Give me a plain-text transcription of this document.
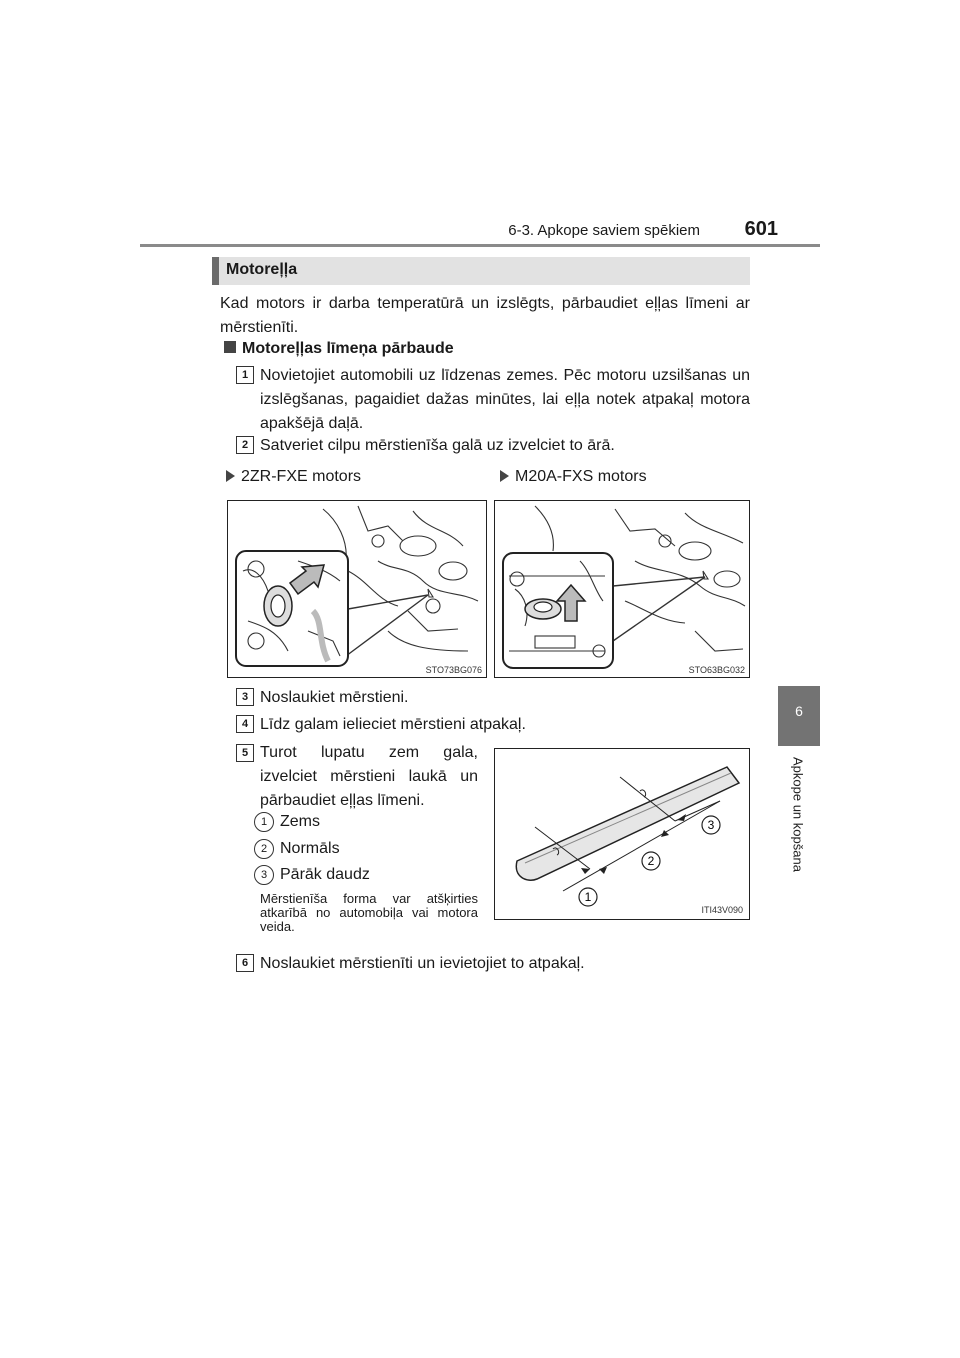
6-3. Apkope saviem spēkiem	601
6
Apkope un kopšana
Motoreļļa
Kad motors ir darba temperatūrā un izslēgts, pārbaudiet eļļas līmeni ar mērstienīti.
Motoreļļas līmeņa pārbaude
1 Novietojiet automobili uz līdzenas zemes. Pēc motoru uzsilšanas un izslēgšanas, pagaidiet dažas minūtes, lai eļļa notek atpakaļ motora apakšējā daļā.
2 Satveriet cilpu mērstienīša galā uz izvelciet to ārā.
2ZR-FXE motors	M20A-FXS motors
STO73BG076	STO63BG032
3 Noslaukiet mērstieni.
4 Līdz galam ielieciet mērstieni atpakaļ.
5 Turot lupatu zem gala, izvelciet mērstieni laukā un pārbaudiet eļļas līmeni.
1 Zems
2 Normāls
3 Pārāk daudz
Mērstienīša forma var atšķirties atkarībā no automobiļa vai motora veida.
1
2
3
ITI43V090
6 Noslaukiet mērstienīti un ievietojiet to atpakaļ.
